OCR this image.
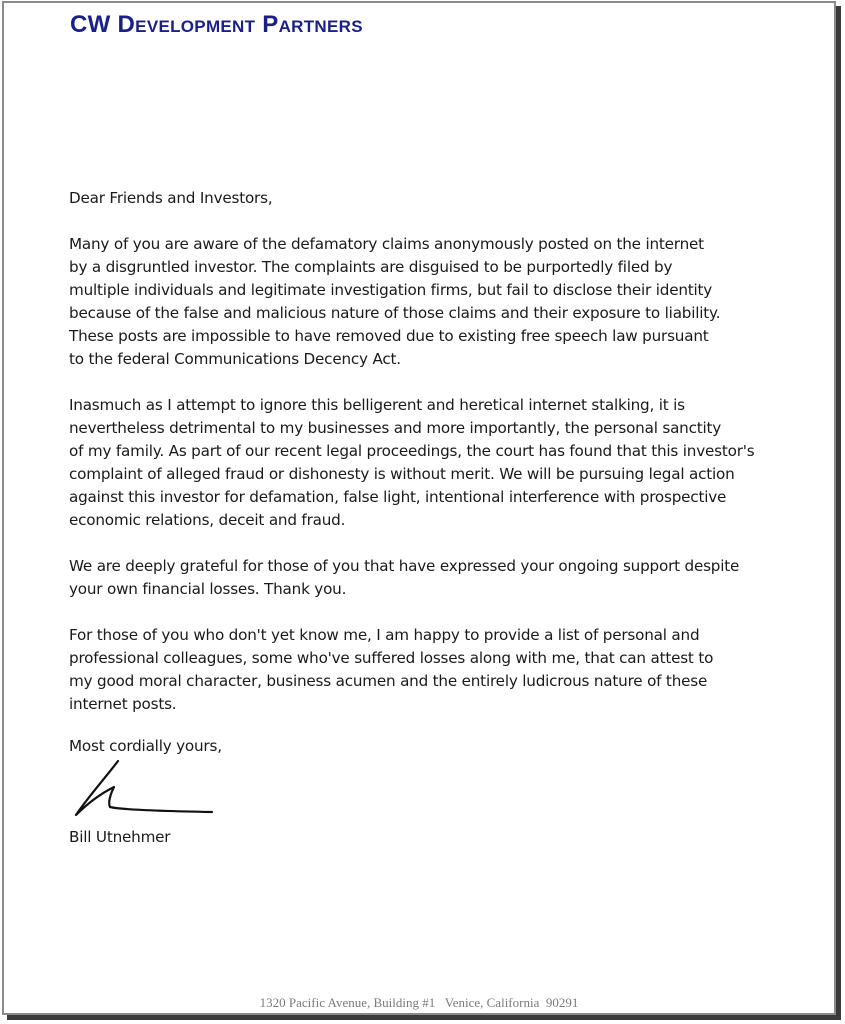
CW Development Partners

Dear Friends and Investors,

Many of you are aware of the defamatory claims anonymously posted on the internet
by a disgruntled investor. The complaints are disguised to be purportedly filed by
multiple individuals and legitimate investigation firms, but fail to disclose their identity
because of the false and malicious nature of those claims and their exposure to liability.
These posts are impossible to have removed due to existing free speech law pursuant
to the federal Communications Decency Act.

Inasmuch as I attempt to ignore this belligerent and heretical internet stalking, it is
nevertheless detrimental to my businesses and more importantly, the personal sanctity
of my family. As part of our recent legal proceedings, the court has found that this investor's
complaint of alleged fraud or dishonesty is without merit. We will be pursuing legal action
against this investor for defamation, false light, intentional interference with prospective
economic relations, deceit and fraud.

We are deeply grateful for those of you that have expressed your ongoing support despite
your own financial losses. Thank you.

For those of you who don't yet know me, I am happy to provide a list of personal and
professional colleagues, some who've suffered losses along with me, that can attest to
my good moral character, business acumen and the entirely ludicrous nature of these
internet posts.

Most cordially yours,

Bill Utnehmer

1320 Pacific Avenue, Building #1   Venice, California  90291
